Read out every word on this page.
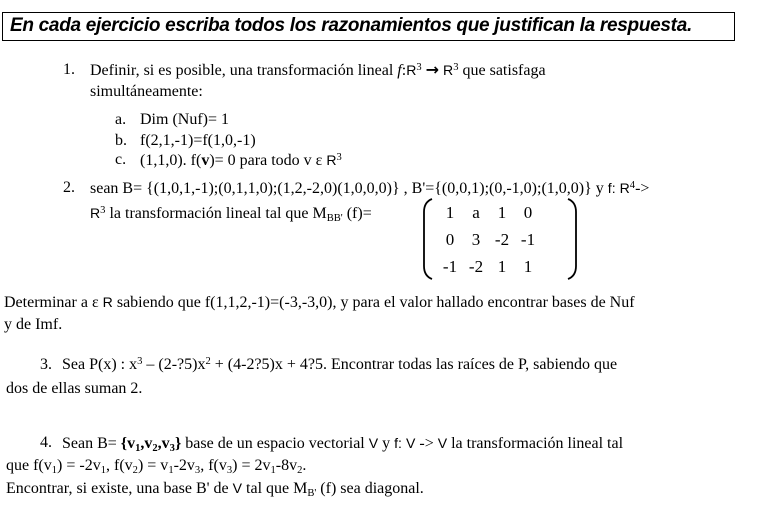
En cada ejercicio escriba todos los razonamientos que justifican la respuesta.
1. Definir, si es posible, una transformación lineal $f:R^3 \to R^3$ que satisfaga
simultáneamente:
a. Dim (Nuf)= 1
b. f(2,1,-1)=f(1,0,-1)
c. (1,1,0). f(v)= 0 para todo v ε $R^3$
2. sean B= {(1,0,1,-1);(0,1,1,0);(1,2,-2,0)(1,0,0,0)} , B'={(0,0,1);(0,-1,0);(1,0,0)} y f: $R^4->$
$R^3$ la transformación lineal tal que MBB' (f)=	1	a	1	0
0	3 -2 -1
-1 -2 1	1
Determinar a ε R sabiendo que f(1,1,2,-1)=(-3,-3,0), y para el valor hallado encontrar bases de Nuf
y de Imf.
3. Sea P(x) : $x^3$ – $(2-?5)x^2$ + (4-2?5)x + 4?5. Encontrar todas las raíces de P, sabiendo que
dos de ellas suman 2.
4. Sean B= {v1,v2,v3} base de un espacio vectorial V y f: V -> V la transformación lineal tal
que f(v1) = -2v1, f(v2) = v1-2v3, f(v3) = 2v1-8v2.
Encontrar, si existe, una base B' de V tal que MB' (f) sea diagonal.
